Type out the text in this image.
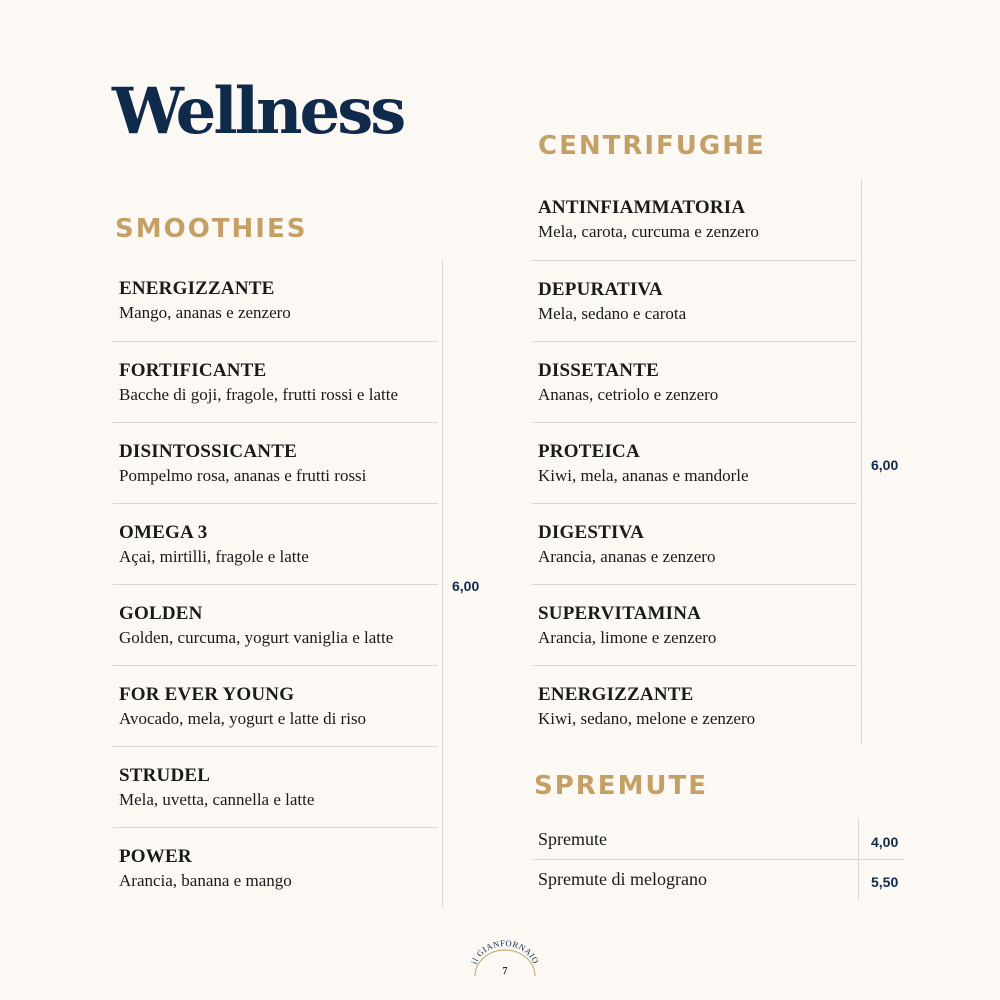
Wellness
SMOOTHIES
ENERGIZZANTE
Mango, ananas e zenzero
FORTIFICANTE
Bacche di goji, fragole, frutti rossi e latte
DISINTOSSICANTE
Pompelmo rosa, ananas e frutti rossi
OMEGA 3
Açai, mirtilli, fragole e latte
GOLDEN
Golden, curcuma, yogurt vaniglia e latte
FOR EVER YOUNG
Avocado, mela, yogurt e latte di riso
STRUDEL
Mela, uvetta, cannella e latte
POWER
Arancia, banana e mango
6,00
CENTRIFUGHE
ANTINFIAMMATORIA
Mela, carota, curcuma e zenzero
DEPURATIVA
Mela, sedano e carota
DISSETANTE
Ananas, cetriolo e zenzero
PROTEICA
Kiwi, mela, ananas e mandorle
DIGESTIVA
Arancia, ananas e zenzero
SUPERVITAMINA
Arancia, limone e zenzero
ENERGIZZANTE
Kiwi, sedano, melone e zenzero
6,00
SPREMUTE
Spremute	4,00
Spremute di melograno	5,50
il GIANFORNAIO
7
